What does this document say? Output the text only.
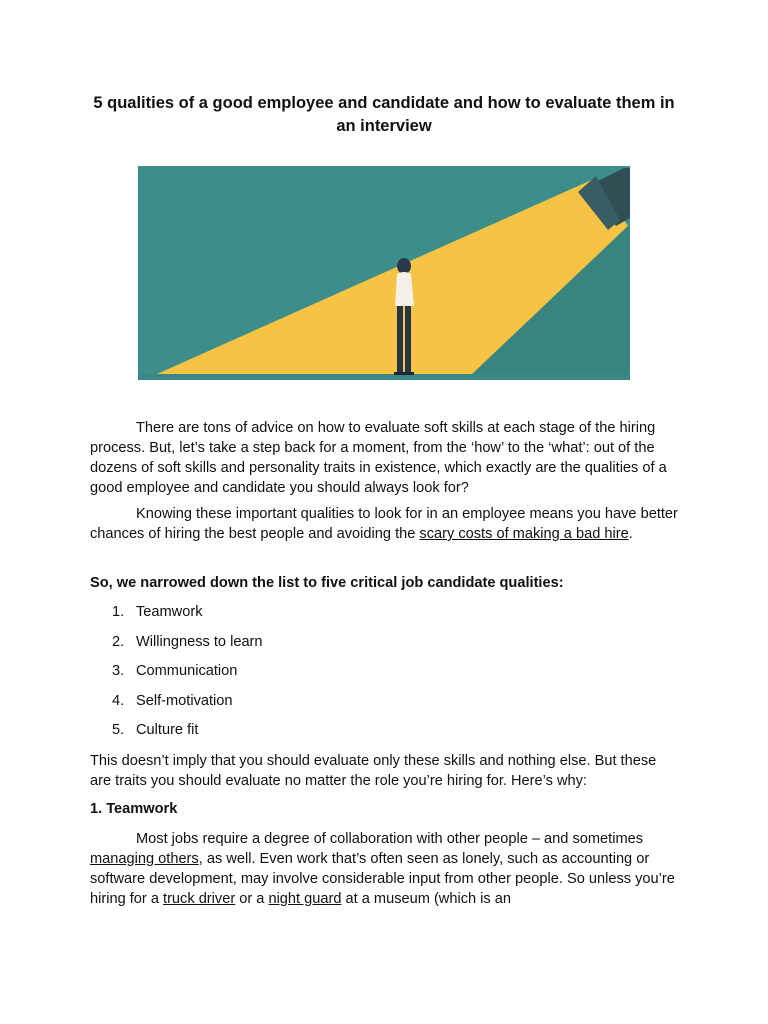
5 qualities of a good employee and candidate and how to evaluate them in an interview

There are tons of advice on how to evaluate soft skills at each stage of the hiring process. But, let’s take a step back for a moment, from the ‘how’ to the ‘what’: out of the dozens of soft skills and personality traits in existence, which exactly are the qualities of a good employee and candidate you should always look for?

Knowing these important qualities to look for in an employee means you have better chances of hiring the best people and avoiding the scary costs of making a bad hire.

So, we narrowed down the list to five critical job candidate qualities:

1. Teamwork
2. Willingness to learn
3. Communication
4. Self-motivation
5. Culture fit

This doesn’t imply that you should evaluate only these skills and nothing else. But these are traits you should evaluate no matter the role you’re hiring for. Here’s why:

1. Teamwork

Most jobs require a degree of collaboration with other people – and sometimes managing others, as well. Even work that’s often seen as lonely, such as accounting or software development, may involve considerable input from other people. So unless you’re hiring for a truck driver or a night guard at a museum (which is an
